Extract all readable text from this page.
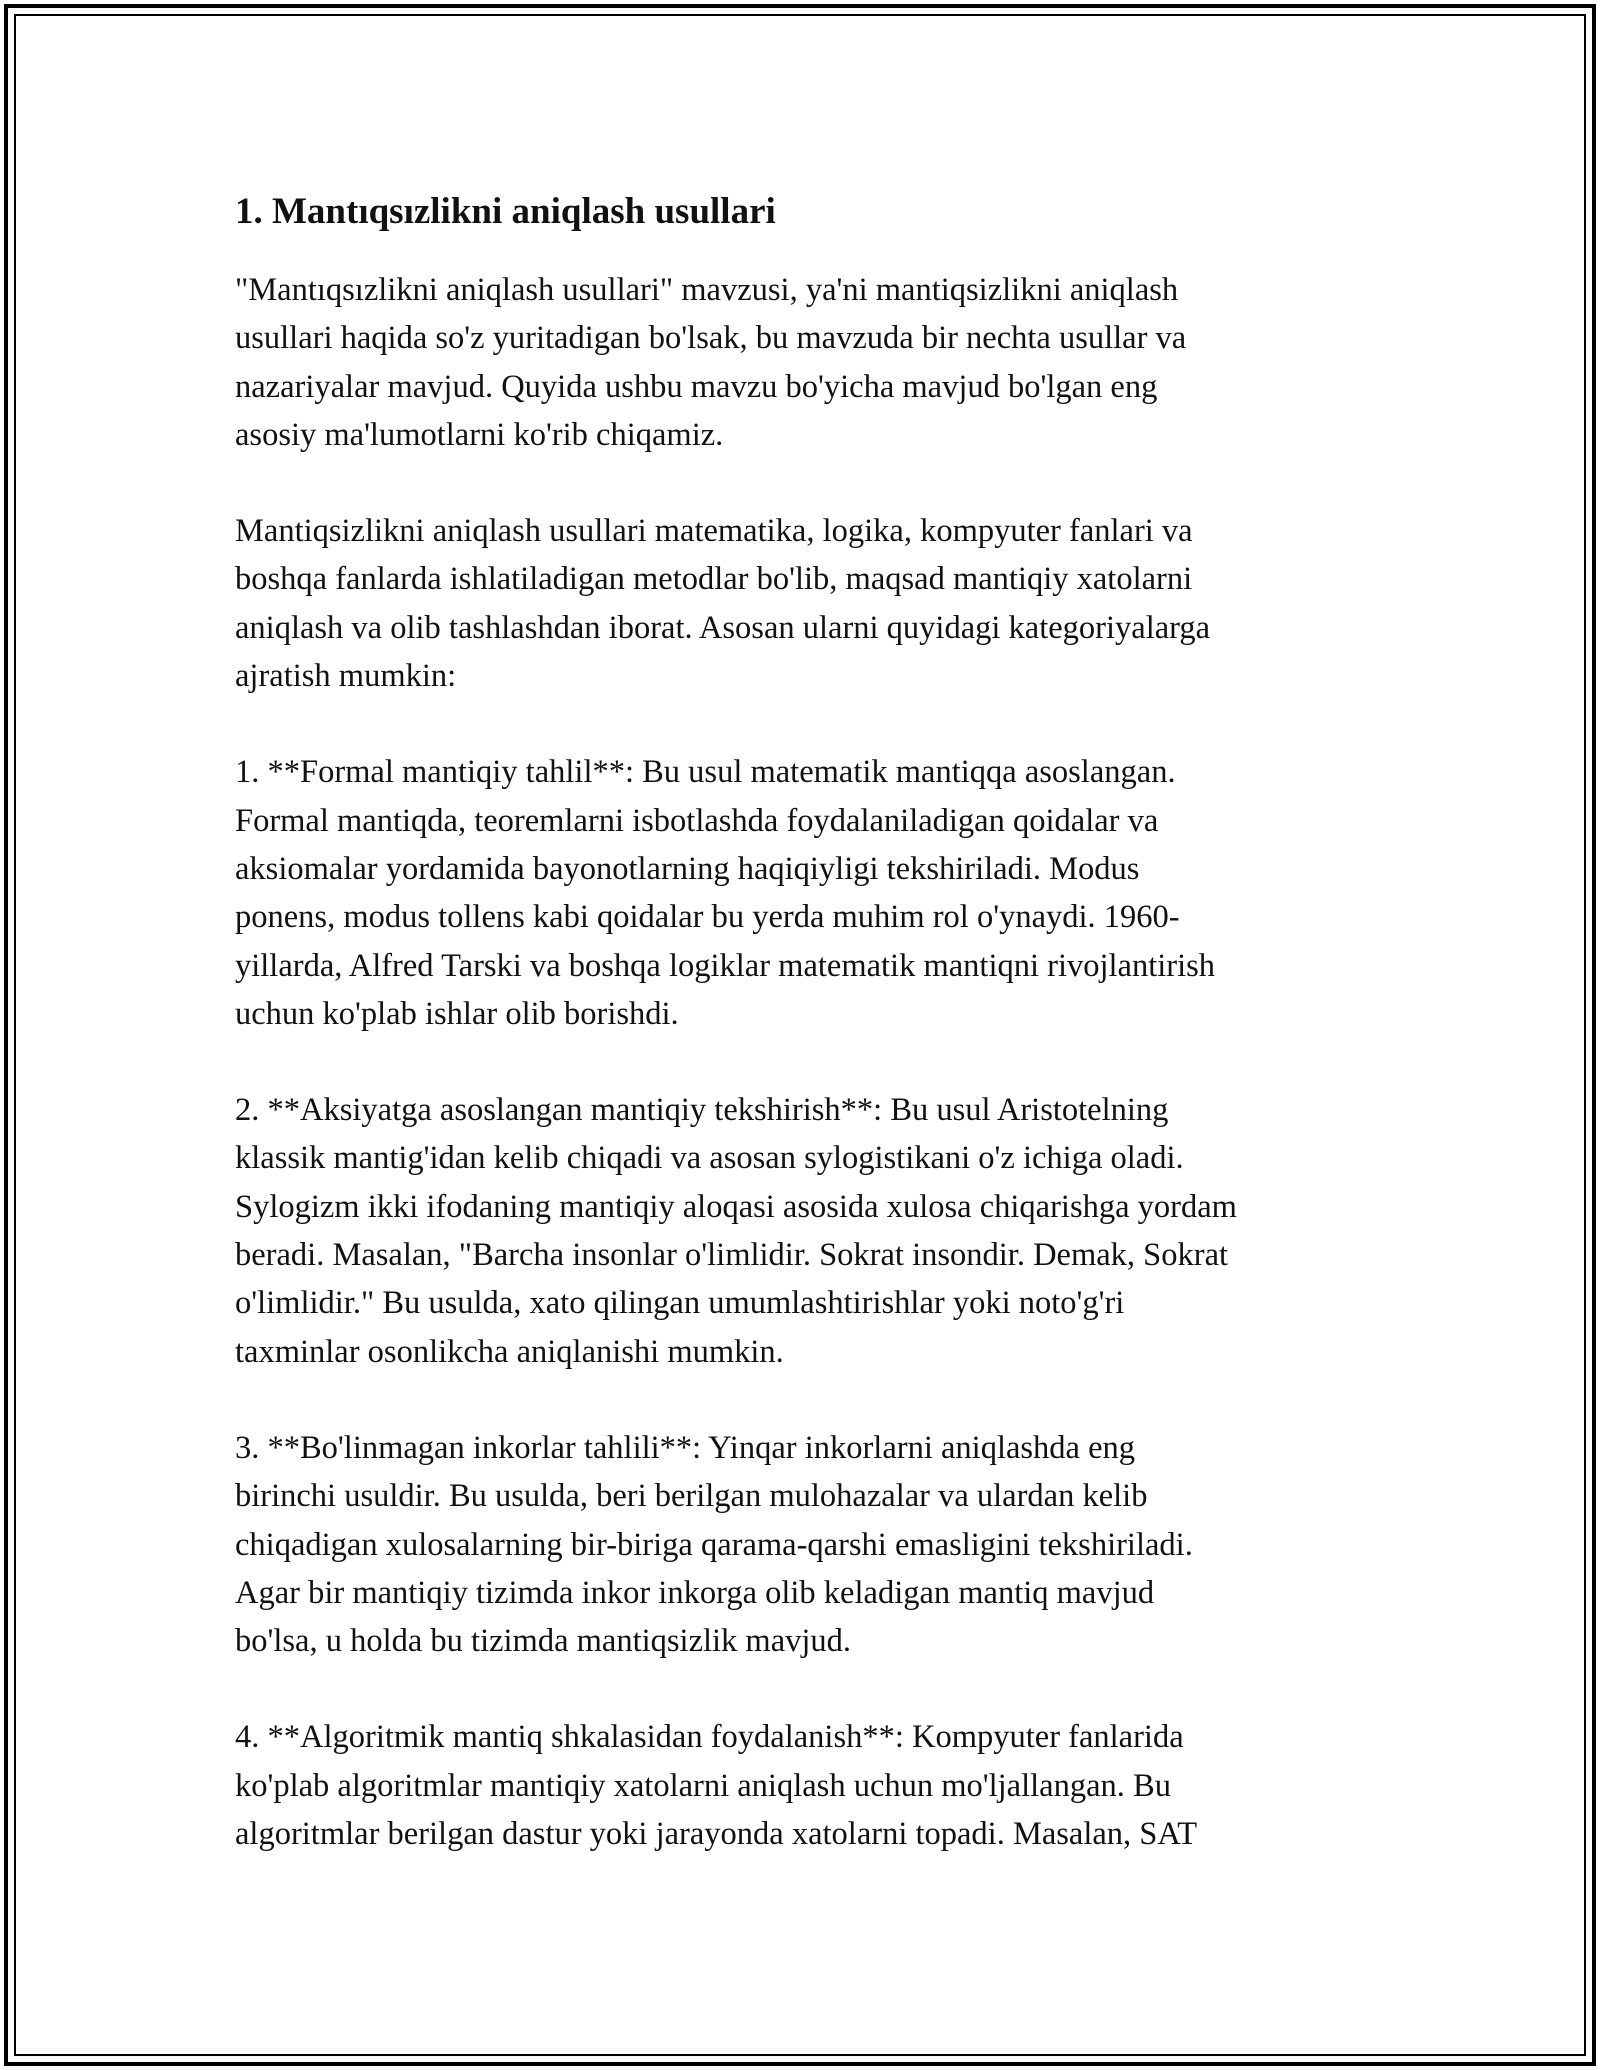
1. Mantıqsızlikni aniqlash usullari

"Mantıqsızlikni aniqlash usullari" mavzusi, ya'ni mantiqsizlikni aniqlash
usullari haqida so'z yuritadigan bo'lsak, bu mavzuda bir nechta usullar va
nazariyalar mavjud. Quyida ushbu mavzu bo'yicha mavjud bo'lgan eng
asosiy ma'lumotlarni ko'rib chiqamiz.

Mantiqsizlikni aniqlash usullari matematika, logika, kompyuter fanlari va
boshqa fanlarda ishlatiladigan metodlar bo'lib, maqsad mantiqiy xatolarni
aniqlash va olib tashlashdan iborat. Asosan ularni quyidagi kategoriyalarga
ajratish mumkin:

1. **Formal mantiqiy tahlil**: Bu usul matematik mantiqqa asoslangan.
Formal mantiqda, teoremlarni isbotlashda foydalaniladigan qoidalar va
aksiomalar yordamida bayonotlarning haqiqiyligi tekshiriladi. Modus
ponens, modus tollens kabi qoidalar bu yerda muhim rol o'ynaydi. 1960-
yillarda, Alfred Tarski va boshqa logiklar matematik mantiqni rivojlantirish
uchun ko'plab ishlar olib borishdi.

2. **Aksiyatga asoslangan mantiqiy tekshirish**: Bu usul Aristotelning
klassik mantig'idan kelib chiqadi va asosan sylogistikani o'z ichiga oladi.
Sylogizm ikki ifodaning mantiqiy aloqasi asosida xulosa chiqarishga yordam
beradi. Masalan, "Barcha insonlar o'limlidir. Sokrat insondir. Demak, Sokrat
o'limlidir." Bu usulda, xato qilingan umumlashtirishlar yoki noto'g'ri
taxminlar osonlikcha aniqlanishi mumkin.

3. **Bo'linmagan inkorlar tahlili**: Yinqar inkorlarni aniqlashda eng
birinchi usuldir. Bu usulda, beri berilgan mulohazalar va ulardan kelib
chiqadigan xulosalarning bir-biriga qarama-qarshi emasligini tekshiriladi.
Agar bir mantiqiy tizimda inkor inkorga olib keladigan mantiq mavjud
bo'lsa, u holda bu tizimda mantiqsizlik mavjud.

4. **Algoritmik mantiq shkalasidan foydalanish**: Kompyuter fanlarida
ko'plab algoritmlar mantiqiy xatolarni aniqlash uchun mo'ljallangan. Bu
algoritmlar berilgan dastur yoki jarayonda xatolarni topadi. Masalan, SAT
